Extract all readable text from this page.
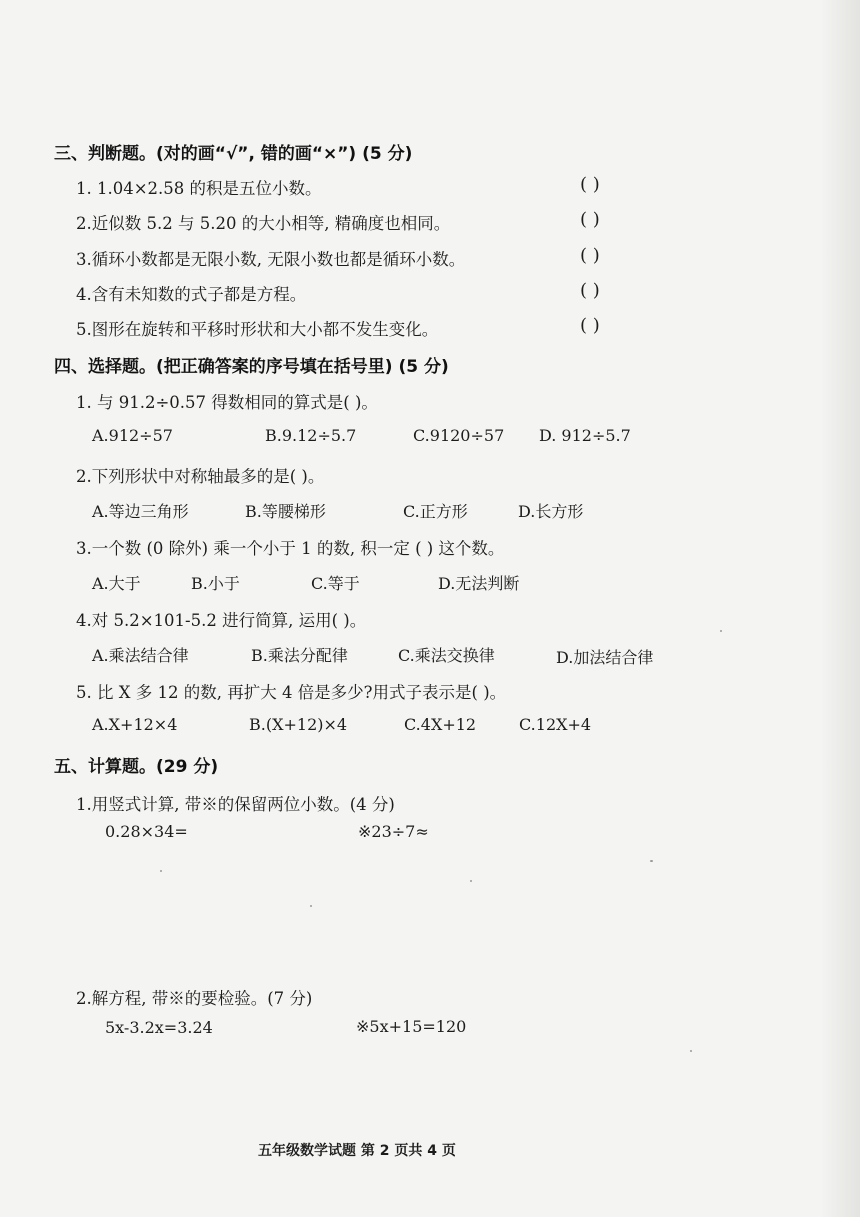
三、判断题。(对的画“√”, 错的画“×”) (5 分)
1. 1.04×2.58 的积是五位小数。	( )
2.近似数 5.2 与 5.20 的大小相等, 精确度也相同。	( )
3.循环小数都是无限小数, 无限小数也都是循环小数。	( )
4.含有未知数的式子都是方程。	( )
5.图形在旋转和平移时形状和大小都不发生变化。	( )
四、选择题。(把正确答案的序号填在括号里) (5 分)
1. 与 91.2÷0.57 得数相同的算式是( )。
A.912÷57	B.9.12÷5.7	C.9120÷57 D. 912÷5.7
2.下列形状中对称轴最多的是( )。
A.等边三角形	B.等腰梯形	C.正方形	D.长方形
3.一个数 (0 除外) 乘一个小于 1 的数, 积一定 ( ) 这个数。
A.大于	B.小于	C.等于	D.无法判断
4.对 5.2×101-5.2 进行简算, 运用( )。
A.乘法结合律	B.乘法分配律	C.乘法交换律	D.加法结合律
5. 比 X 多 12 的数, 再扩大 4 倍是多少?用式子表示是( )。
A.X+12×4	B.(X+12)×4	C.4X+12	C.12X+4
五、计算题。(29 分)
1.用竖式计算, 带※的保留两位小数。(4 分)
0.28×34=	※23÷7≈
2.解方程, 带※的要检验。(7 分)
5x-3.2x=3.24	※5x+15=120
五年级数学试题 第 2 页共 4 页
